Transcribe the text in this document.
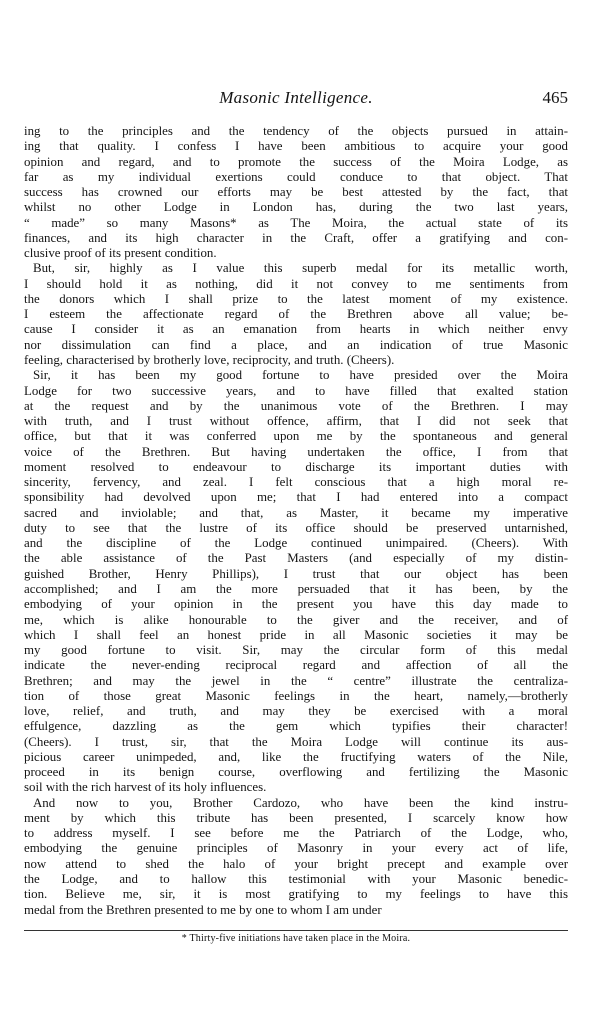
Masonic Intelligence.	465
ing to the principles and the tendency of the objects pursued in attain-
ing that quality. I confess I have been ambitious to acquire your good
opinion and regard, and to promote the success of the Moira Lodge, as
far as my individual exertions could conduce to that object. That
success has crowned our efforts may be best attested by the fact, that
whilst no other Lodge in London has, during the two last years,
“ made” so many Masons* as The Moira, the actual state of its
finances, and its high character in the Craft, offer a gratifying and con-
clusive proof of its present condition.
But, sir, highly as I value this superb medal for its metallic worth,
I should hold it as nothing, did it not convey to me sentiments from
the donors which I shall prize to the latest moment of my existence.
I esteem the affectionate regard of the Brethren above all value; be-
cause I consider it as an emanation from hearts in which neither envy
nor dissimulation can find a place, and an indication of true Masonic
feeling, characterised by brotherly love, reciprocity, and truth. (Cheers).
Sir, it has been my good fortune to have presided over the Moira
Lodge for two successive years, and to have filled that exalted station
at the request and by the unanimous vote of the Brethren. I may
with truth, and I trust without offence, affirm, that I did not seek that
office, but that it was conferred upon me by the spontaneous and general
voice of the Brethren. But having undertaken the office, I from that
moment resolved to endeavour to discharge its important duties with
sincerity, fervency, and zeal. I felt conscious that a high moral re-
sponsibility had devolved upon me; that I had entered into a compact
sacred and inviolable; and that, as Master, it became my imperative
duty to see that the lustre of its office should be preserved untarnished,
and the discipline of the Lodge continued unimpaired. (Cheers). With
the able assistance of the Past Masters (and especially of my distin-
guished Brother, Henry Phillips), I trust that our object has been
accomplished; and I am the more persuaded that it has been, by the
embodying of your opinion in the present you have this day made to
me, which is alike honourable to the giver and the receiver, and of
which I shall feel an honest pride in all Masonic societies it may be
my good fortune to visit. Sir, may the circular form of this medal
indicate the never-ending reciprocal regard and affection of all the
Brethren; and may the jewel in the “ centre” illustrate the centraliza-
tion of those great Masonic feelings in the heart, namely,—brotherly
love, relief, and truth, and may they be exercised with a moral
effulgence, dazzling as the gem which typifies their character!
(Cheers). I trust, sir, that the Moira Lodge will continue its aus-
picious career unimpeded, and, like the fructifying waters of the Nile,
proceed in its benign course, overflowing and fertilizing the Masonic
soil with the rich harvest of its holy influences.
And now to you, Brother Cardozo, who have been the kind instru-
ment by which this tribute has been presented, I scarcely know how
to address myself. I see before me the Patriarch of the Lodge, who,
embodying the genuine principles of Masonry in your every act of life,
now attend to shed the halo of your bright precept and example over
the Lodge, and to hallow this testimonial with your Masonic benedic-
tion. Believe me, sir, it is most gratifying to my feelings to have this
medal from the Brethren presented to me by one to whom I am under
* Thirty-five initiations have taken place in the Moira.
